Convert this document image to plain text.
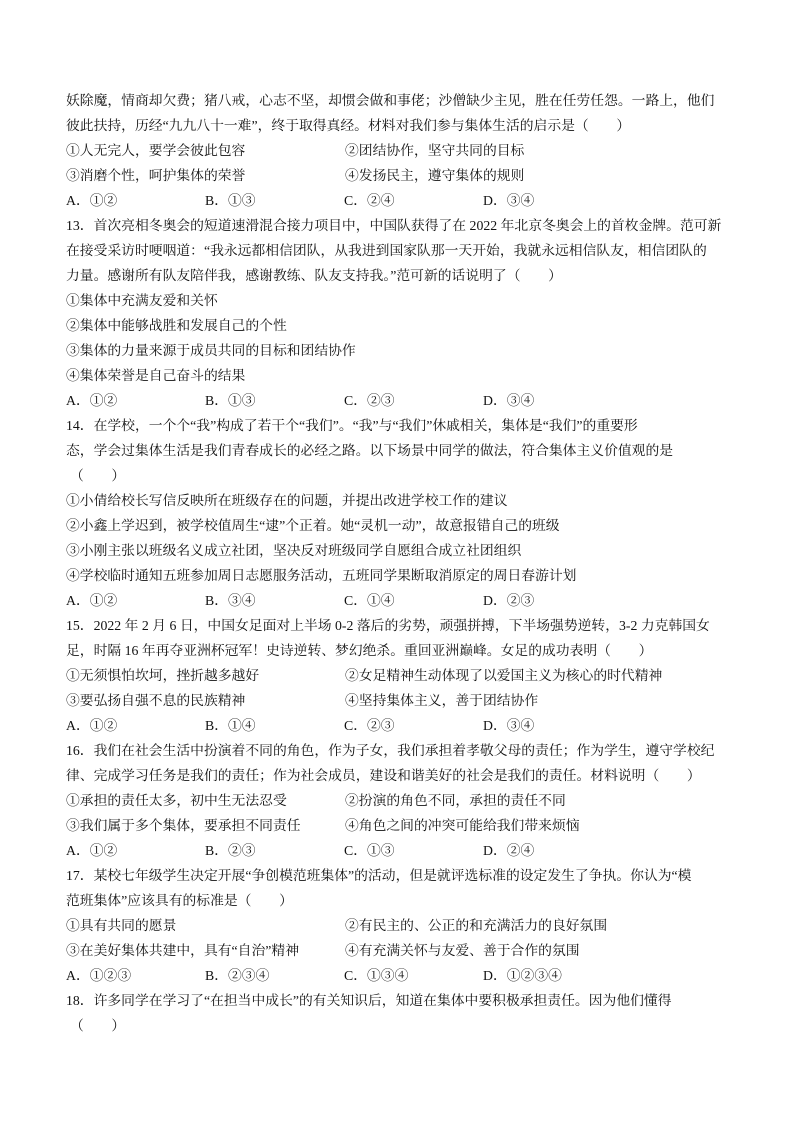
妖除魔，情商却欠费；猪八戒，心志不坚，却惯会做和事佬；沙僧缺少主见，胜在任劳任怨。一路上，他们
彼此扶持，历经“九九八十一难”，终于取得真经。材料对我们参与集体生活的启示是（　　）
①人无完人，要学会彼此包容	②团结协作，坚守共同的目标
③消磨个性，呵护集体的荣誉	④发扬民主，遵守集体的规则
A．①②	B．①③	C．②④	D．③④
13．首次亮相冬奥会的短道速滑混合接力项目中，中国队获得了在 2022 年北京冬奥会上的首枚金牌。范可新
在接受采访时哽咽道：“我永远都相信团队，从我进到国家队那一天开始，我就永远相信队友，相信团队的
力量。感谢所有队友陪伴我，感谢教练、队友支持我。”范可新的话说明了（　　）
①集体中充满友爱和关怀
②集体中能够战胜和发展自己的个性
③集体的力量来源于成员共同的目标和团结协作
④集体荣誉是自己奋斗的结果
A．①②	B．①③	C．②③	D．③④
14．在学校，一个个“我”构成了若干个“我们”。“我”与“我们”休戚相关，集体是“我们”的重要形
态，学会过集体生活是我们青春成长的必经之路。以下场景中同学的做法，符合集体主义价值观的是
（　　）
①小倩给校长写信反映所在班级存在的问题，并提出改进学校工作的建议
②小鑫上学迟到，被学校值周生“逮”个正着。她“灵机一动”，故意报错自己的班级
③小刚主张以班级名义成立社团，坚决反对班级同学自愿组合成立社团组织
④学校临时通知五班参加周日志愿服务活动，五班同学果断取消原定的周日春游计划
A．①②	B．③④	C．①④	D．②③
15．2022 年 2 月 6 日，中国女足面对上半场 0-2 落后的劣势，顽强拼搏，下半场强势逆转，3-2 力克韩国女
足，时隔 16 年再夺亚洲杯冠军！史诗逆转、梦幻绝杀。重回亚洲巅峰。女足的成功表明（　　）
①无须惧怕坎坷，挫折越多越好	②女足精神生动体现了以爱国主义为核心的时代精神
③要弘扬自强不息的民族精神	④坚持集体主义，善于团结协作
A．①②	B．①④	C．②③	D．③④
16．我们在社会生活中扮演着不同的角色，作为子女，我们承担着孝敬父母的责任；作为学生，遵守学校纪
律、完成学习任务是我们的责任；作为社会成员，建设和谐美好的社会是我们的责任。材料说明（　　）
①承担的责任太多，初中生无法忍受	②扮演的角色不同，承担的责任不同
③我们属于多个集体，要承担不同责任	④角色之间的冲突可能给我们带来烦恼
A．①②	B．②③	C．①③	D．②④
17．某校七年级学生决定开展“争创模范班集体”的活动，但是就评选标准的设定发生了争执。你认为“模
范班集体”应该具有的标准是（　　）
①具有共同的愿景	②有民主的、公正的和充满活力的良好氛围
③在美好集体共建中，具有“自治”精神	④有充满关怀与友爱、善于合作的氛围
A．①②③	B．②③④	C．①③④	D．①②③④
18．许多同学在学习了“在担当中成长”的有关知识后，知道在集体中要积极承担责任。因为他们懂得
（　　）
